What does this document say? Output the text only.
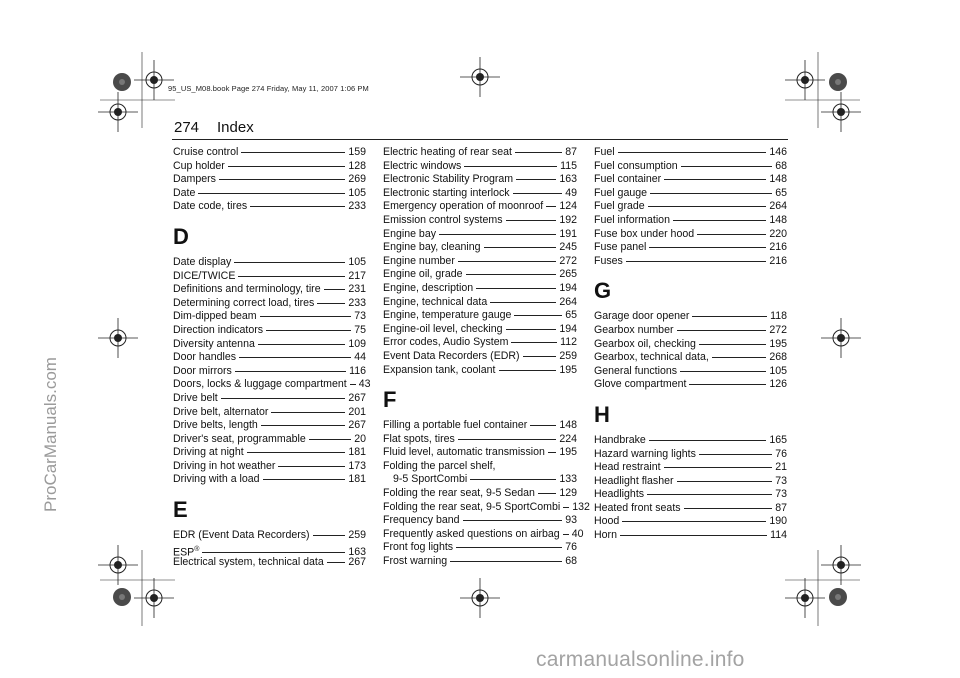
95_US_M08.book Page 274 Friday, May 11, 2007 1:06 PM
274 Index
Cruise control	159
Cup holder	128
Dampers	269
Date	105
Date code, tires	233
D
Date display	105
DICE/TWICE	217
Definitions and terminology, tire	231
Determining correct load, tires	233
Dim-dipped beam	73
Direction indicators	75
Diversity antenna	109
Door handles	44
Door mirrors	116
Doors, locks & luggage compartment 43
Drive belt	267
Drive belt, alternator	201
Drive belts, length	267
Driver's seat, programmable	20
Driving at night	181
Driving in hot weather	173
Driving with a load	181
E
EDR (Event Data Recorders)	259
ESP®	163
Electrical system, technical data 267
Electric heating of rear seat	87
Electric windows	115
Electronic Stability Program	163
Electronic starting interlock	49
Emergency operation of moonroof 124
Emission control systems	192
Engine bay	191
Engine bay, cleaning	245
Engine number	272
Engine oil, grade	265
Engine, description	194
Engine, technical data	264
Engine, temperature gauge	65
Engine-oil level, checking	194
Error codes, Audio System	112
Event Data Recorders (EDR)	259
Expansion tank, coolant	195
F
Filling a portable fuel container	148
Flat spots, tires	224
Fluid level, automatic transmission 195
Folding the parcel shelf,
9-5 SportCombi	133
Folding the rear seat, 9-5 Sedan 129
Folding the rear seat, 9-5 SportCombi 132
Frequency band	93
Frequently asked questions on airbag 40
Front fog lights	76
Frost warning	68
Fuel	146
Fuel consumption	68
Fuel container	148
Fuel gauge	65
Fuel grade	264
Fuel information	148
Fuse box under hood	220
Fuse panel	216
Fuses	216
G
Garage door opener	118
Gearbox number	272
Gearbox oil, checking	195
Gearbox, technical data,	268
General functions	105
Glove compartment	126
H
Handbrake	165
Hazard warning lights	76
Head restraint	21
Headlight flasher	73
Headlights	73
Heated front seats	87
Hood	190
Horn	114
ProCarManuals.com
carmanualsonline.info
